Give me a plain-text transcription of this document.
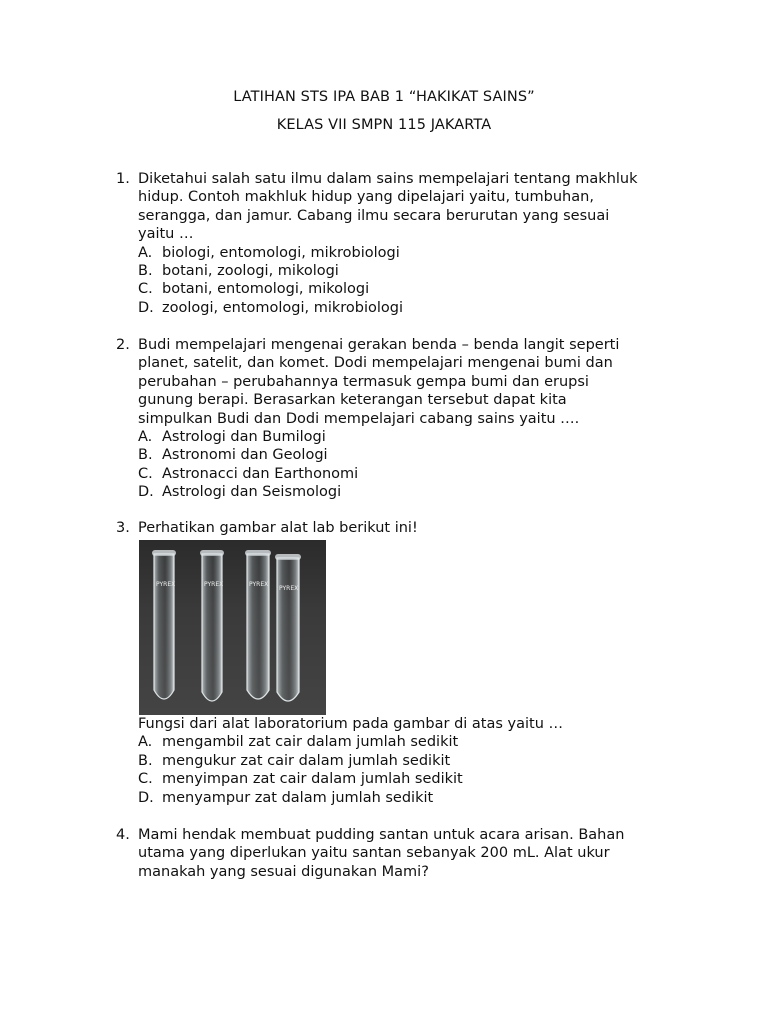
LATIHAN STS IPA BAB 1 “HAKIKAT SAINS”
KELAS VII SMPN 115 JAKARTA
1. Diketahui salah satu ilmu dalam sains mempelajari tentang makhluk
hidup. Contoh makhluk hidup yang dipelajari yaitu, tumbuhan,
serangga, dan jamur. Cabang ilmu secara berurutan yang sesuai
yaitu …
A. biologi, entomologi, mikrobiologi
B. botani, zoologi, mikologi
C. botani, entomologi, mikologi
D. zoologi, entomologi, mikrobiologi
2. Budi mempelajari mengenai gerakan benda – benda langit seperti
planet, satelit, dan komet. Dodi mempelajari mengenai bumi dan
perubahan – perubahannya termasuk gempa bumi dan erupsi
gunung berapi. Berasarkan keterangan tersebut dapat kita
simpulkan Budi dan Dodi mempelajari cabang sains yaitu ….
A. Astrologi dan Bumilogi
B. Astronomi dan Geologi
C. Astronacci dan Earthonomi
D. Astrologi dan Seismologi
3. Perhatikan gambar alat lab berikut ini!
PYREX	PYREX	PYREX
PYREX
Fungsi dari alat laboratorium pada gambar di atas yaitu …
A. mengambil zat cair dalam jumlah sedikit
B. mengukur zat cair dalam jumlah sedikit
C. menyimpan zat cair dalam jumlah sedikit
D. menyampur zat dalam jumlah sedikit
4. Mami hendak membuat pudding santan untuk acara arisan. Bahan
utama yang diperlukan yaitu santan sebanyak 200 mL. Alat ukur
manakah yang sesuai digunakan Mami?
